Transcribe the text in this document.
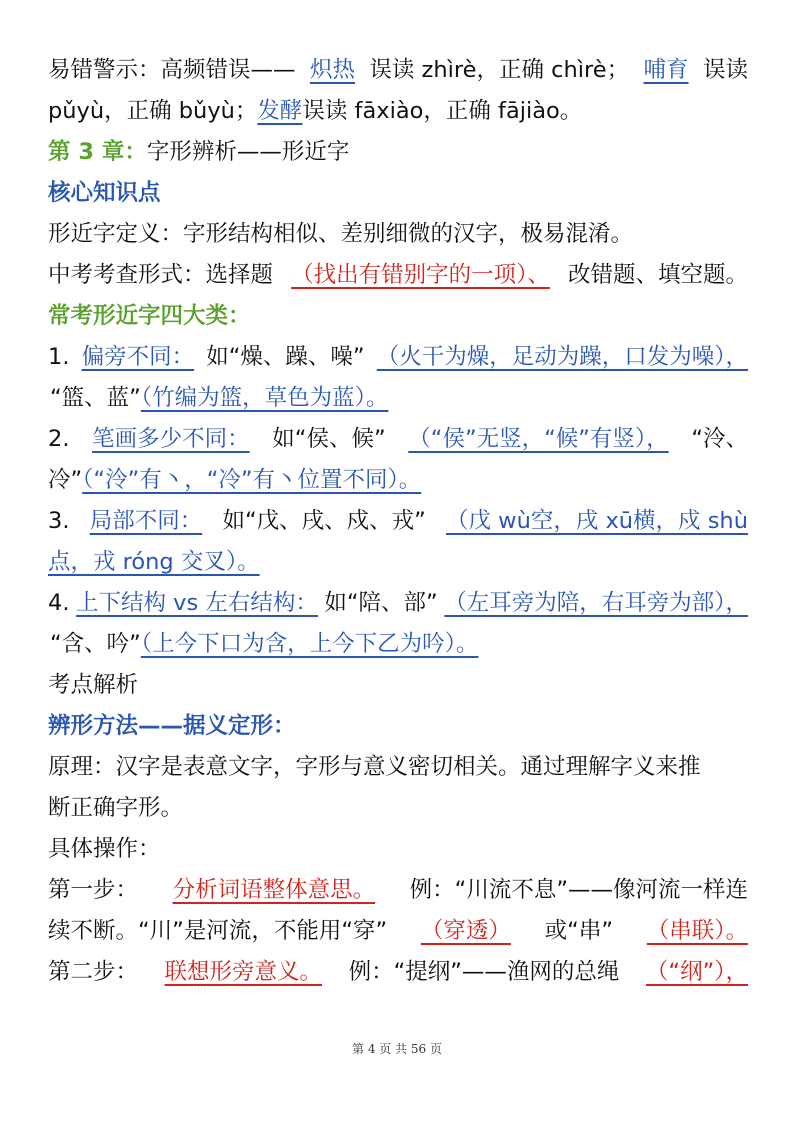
易错警示：高频错误—— 炽热 误读 zhìrè，正确 chìrè； 哺育 误读
pǔyù，正确 bǔyù；发酵误读 fāxiào，正确 fājiào。
第 3 章：字形辨析——形近字
核心知识点
形近字定义：字形结构相似、差别细微的汉字，极易混淆。
中考考查形式：选择题 （找出有错别字的一项）、 改错题、填空题。
常考形近字四大类：
1. 偏旁不同： 如“燥、躁、噪” （火干为燥，足动为躁，口发为噪），
“篮、蓝”（竹编为篮，草色为蓝）。
2. 笔画多少不同： 如“侯、候” （“侯”无竖，“候”有竖）， “泠、
冷”（“泠”有丶，“冷”有丶位置不同）。
3. 局部不同： 如“戊、戌、戍、戎” （戊 wù空，戌 xū横，戍 shù
点，戎 róng 交叉）。
4. 上下结构 vs 左右结构： 如“陪、部” （左耳旁为陪，右耳旁为部），
“含、吟”（上今下口为含，上今下乙为吟）。
考点解析
辨形方法——据义定形：
原理：汉字是表意文字，字形与意义密切相关。通过理解字义来推
断正确字形。
具体操作：
第一步： 分析词语整体意思。 例：“川流不息”——像河流一样连
续不断。“川”是河流，不能用“穿” （穿透） 或“串” （串联）。
第二步： 联想形旁意义。 例：“提纲”——渔网的总绳 （“纲”），
第 4 页 共 56 页
